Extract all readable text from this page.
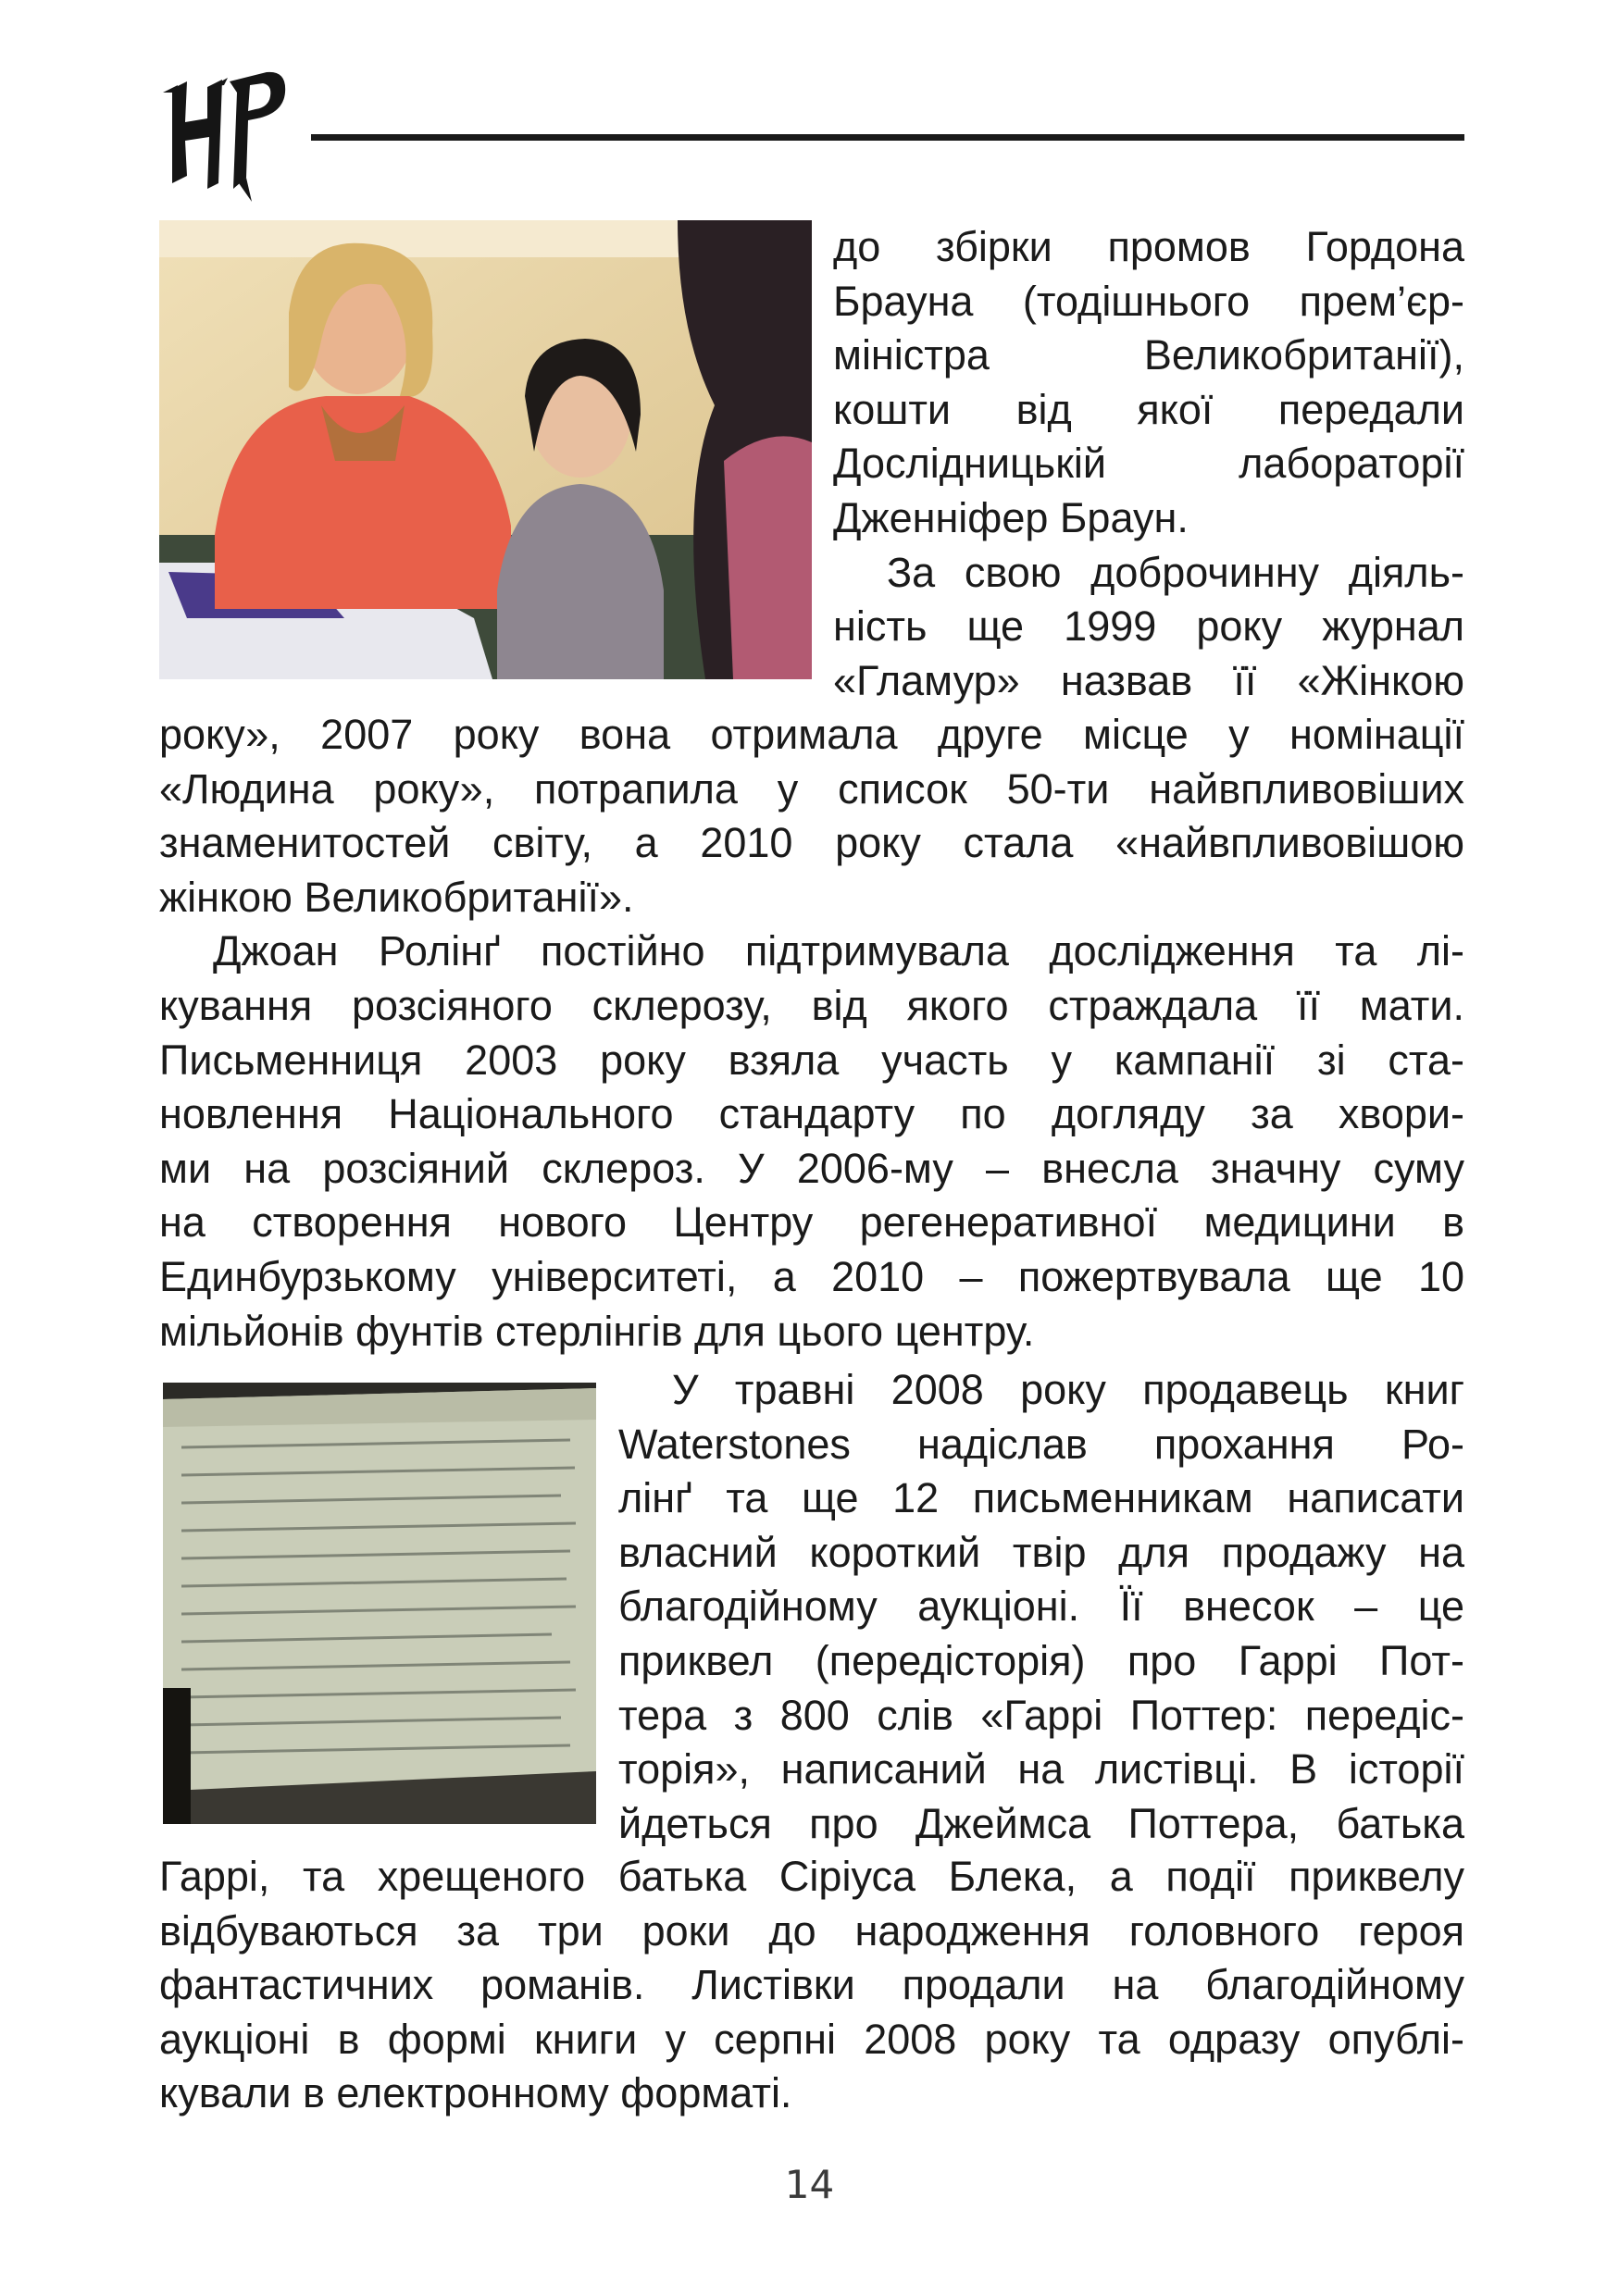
до збірки промов Гордона

Брауна (тодішнього прем’єр-

міністра Великобританії),

кошти від якої передали

Дослідницькій лабораторії

Дженніфер Браун.

За свою доброчинну діяль-

ність ще 1999 року журнал

«Гламур» назвав її «Жінкою

року», 2007 року вона отримала друге місце у номінації

«Людина року», потрапила у список 50-ти найвпливовіших

знаменитостей світу, а 2010 року стала «найвпливовішою

жінкою Великобританії».

Джоан Ролінґ постійно підтримувала дослідження та лі-

кування розсіяного склерозу, від якого страждала її мати.

Письменниця 2003 року взяла участь у кампанії зі ста-

новлення Національного стандарту по догляду за хвори-

ми на розсіяний склероз. У 2006-му – внесла значну суму

на створення нового Центру регенеративної медицини в

Единбурзькому університеті, а 2010 – пожертвувала ще 10

мільйонів фунтів стерлінгів для цього центру.

У травні 2008 року продавець книг

Waterstones надіслав прохання Ро-

лінґ та ще 12 письменникам написати

власний короткий твір для продажу на

благодійному аукціоні. Її внесок – це

приквел (передісторія) про Гаррі Пот-

тера з 800 слів «Гаррі Поттер: передіс-

торія», написаний на листівці. В історії

йдеться про Джеймса Поттера, батька

Гаррі, та хрещеного батька Сіріуса Блека, а події приквелу

відбуваються за три роки до народження головного героя

фантастичних романів. Листівки продали на благодійному

аукціоні в формі книги у серпні 2008 року та одразу опублі-

кували в електронному форматі.

14
